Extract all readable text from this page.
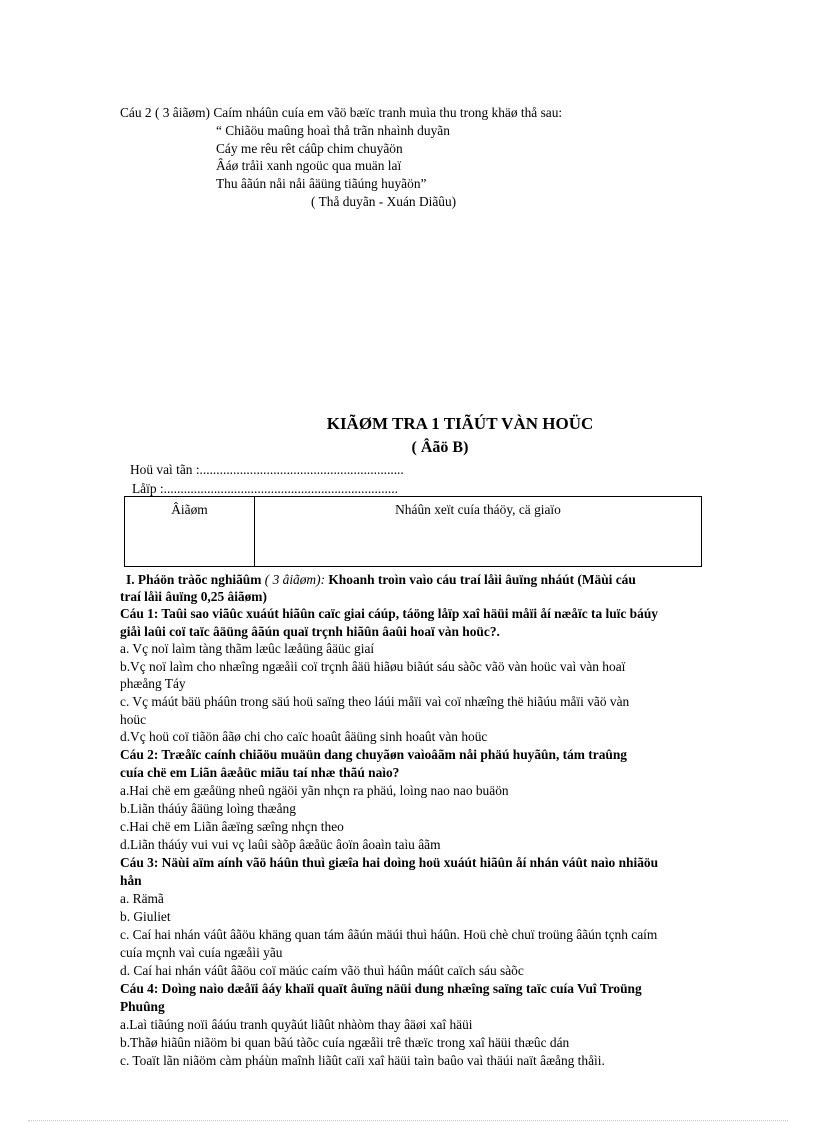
Cáu 2 ( 3 âiãøm) Caím nháûn cuía em vãö bæïc tranh muìa thu trong khäø thå sau:
“ Chiãöu maûng hoaì thå trãn nhaình duyãn
Cáy me rêu rêt cáûp chim chuyãön
Âáø tråìi xanh ngoüc qua muän laï
Thu âãún nåi nåi âäüng tiãúng huyãön”
( Thå duyãn - Xuán Diãûu)
KIÃØM TRA 1 TIÃÚT VÀN HOÜC
( Âãö B)
Hoü vaì tãn :.............................................................
Låïp :......................................................................
Âiãøm	Nháûn xeït cuía tháöy, cä giaïo
I. Pháön tràõc nghiãûm ( 3 âiãøm): Khoanh troìn vaìo cáu traí låìi âuïng nháút (Mäùi cáu
traí låìi âuïng 0,25 âiãøm)
Cáu 1: Taûi sao viãûc xuáút hiãûn caïc giai cáúp, táöng låïp xaî häüi måïi åí næåïc ta luïc báúy
giåì laûi coï taïc âäüng âãún quaï trçnh hiãûn âaûi hoaï vàn hoüc?.
a. Vç noï laìm tàng thãm læûc læåüng âäüc giaí
b.Vç noï laìm cho nhæîng ngæåìi coï trçnh âäü hiãøu biãút sáu sàõc vãö vàn hoüc vaì vàn hoaï
phæång Táy
c. Vç máút bäü pháûn trong säú hoü saïng theo láúi måïi vaì coï nhæîng thë hiãúu måïi vãö vàn
hoüc
d.Vç hoü coï tiãön âãø chi cho caïc hoaût âäüng sinh hoaût vàn hoüc
Cáu 2: Træåïc caính chiãöu muäün dang chuyãøn vaìoâãm nåi phäú huyãûn, tám traûng
cuía chë em Liãn âæåüc miãu taí nhæ thãú naìo?
a.Hai chë em gæåüng nheû ngäöi yãn nhçn ra phäú, loìng nao nao buäön
b.Liãn tháúy âäüng loìng thæång
c.Hai chë em Liãn âæïng sæîng nhçn theo
d.Liãn tháúy vui vui vç laûi sàõp âæåüc âoïn âoaìn taìu âãm
Cáu 3: Näùi aïm aính vãö háûn thuì giæîa hai doìng hoü xuáút hiãûn åí nhán váût naìo nhiãöu
hån
a. Rämã
b. Giuliet
c. Caí hai nhán váût âãöu khäng quan tám âãún mäúi thuì háûn. Hoü chè chuï troüng âãún tçnh caím
cuía mçnh vaì cuía ngæåìi yãu
d. Caí hai nhán váût âãöu coï mäúc caím vãö thuì háûn máût caïch sáu sàõc
Cáu 4: Doìng naìo dæåïi âáy khaïi quaït âuïng näüi dung nhæîng saïng taïc cuía Vuî Troüng
Phuûng
a.Laì tiãúng noïi âáúu tranh quyãút liãût nhàòm thay âäøi xaî häüi
b.Thãø hiãûn niãöm bi quan bãú tàõc cuía ngæåìi trê thæïc trong xaî häüi thæûc dán
c. Toaït lãn niãöm càm pháùn maînh liãût caïi xaî häüi taìn baûo vaì thäúi naït âæång thåìi.
